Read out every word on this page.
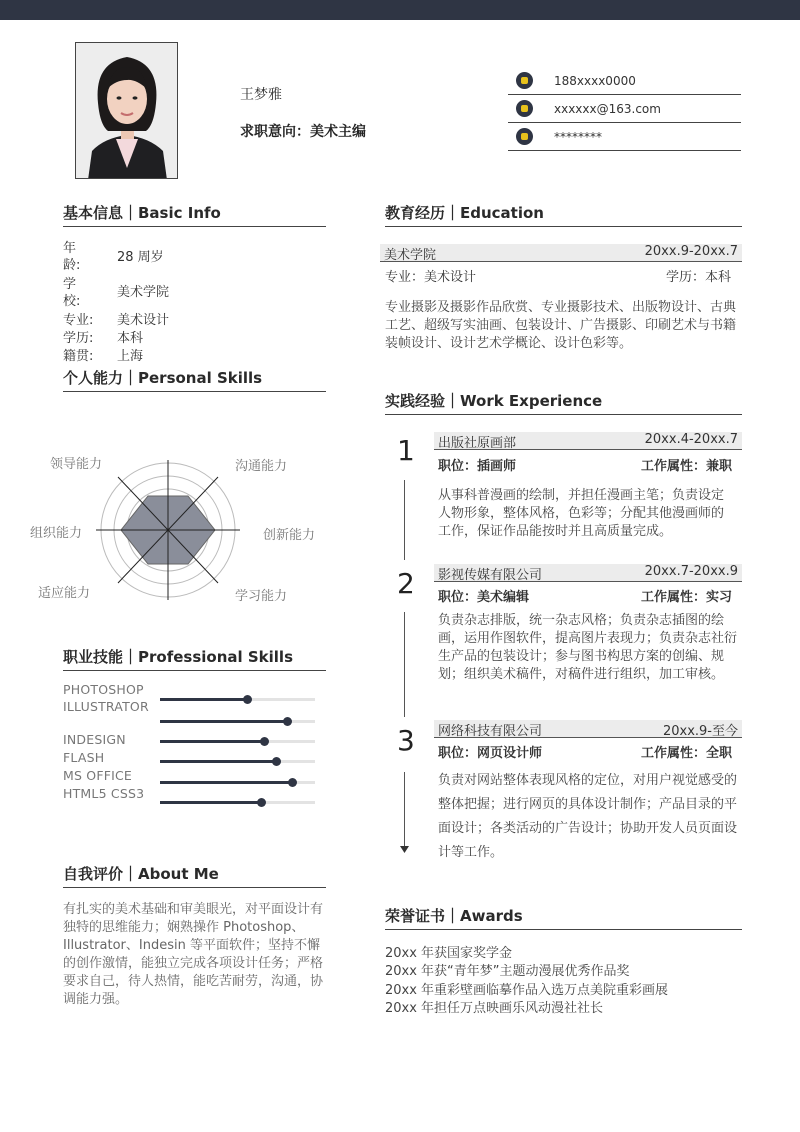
王梦雅
求职意向：美术主编
188xxxx0000
xxxxxx@163.com
********
基本信息｜Basic Info
年龄:
28 周岁
学校:
美术学院
专业: 美术设计
学历: 本科
籍贯: 上海
个人能力｜Personal Skills
领导能力	沟通能力
组织能力	创新能力
适应能力	学习能力
职业技能｜Professional Skills
PHOTOSHOP
ILLUSTRATOR
INDESIGN
FLASH
MS OFFICE
HTML5 CSS3
自我评价｜About Me
有扎实的美术基础和审美眼光，对平面设计有独特的思维能力；娴熟操作 Photoshop、Illustrator、Indesin 等平面软件；坚持不懈的创作激情，能独立完成各项设计任务；严格要求自己，待人热情，能吃苦耐劳，沟通，协调能力强。
教育经历｜Education
美术学院	20xx.9-20xx.7
专业：美术设计	学历：本科
专业摄影及摄影作品欣赏、专业摄影技术、出版物设计、古典工艺、超级写实油画、包装设计、广告摄影、印刷艺术与书籍装帧设计、设计艺术学概论、设计色彩等。
实践经验｜Work Experience
1 出版社原画部	20xx.4-20xx.7
职位：插画师	工作属性：兼职
从事科普漫画的绘制，并担任漫画主笔；负责设定人物形象，整体风格，色彩等；分配其他漫画师的工作，保证作品能按时并且高质量完成。
2 影视传媒有限公司	20xx.7-20xx.9
职位：美术编辑	工作属性：实习
负责杂志排版，统一杂志风格；负责杂志插图的绘画，运用作图软件，提高图片表现力；负责杂志社衍生产品的包装设计；参与图书构思方案的创编、规划；组织美术稿件，对稿件进行组织，加工审核。
3 网络科技有限公司	20xx.9-至今
职位：网页设计师	工作属性：全职
负责对网站整体表现风格的定位，对用户视觉感受的整体把握；进行网页的具体设计制作；产品目录的平面设计；各类活动的广告设计；协助开发人员页面设计等工作。
荣誉证书｜Awards
20xx 年获国家奖学金
20xx 年获“青年梦”主题动漫展优秀作品奖
20xx 年重彩壁画临摹作品入选万点美院重彩画展
20xx 年担任万点映画乐风动漫社社长
